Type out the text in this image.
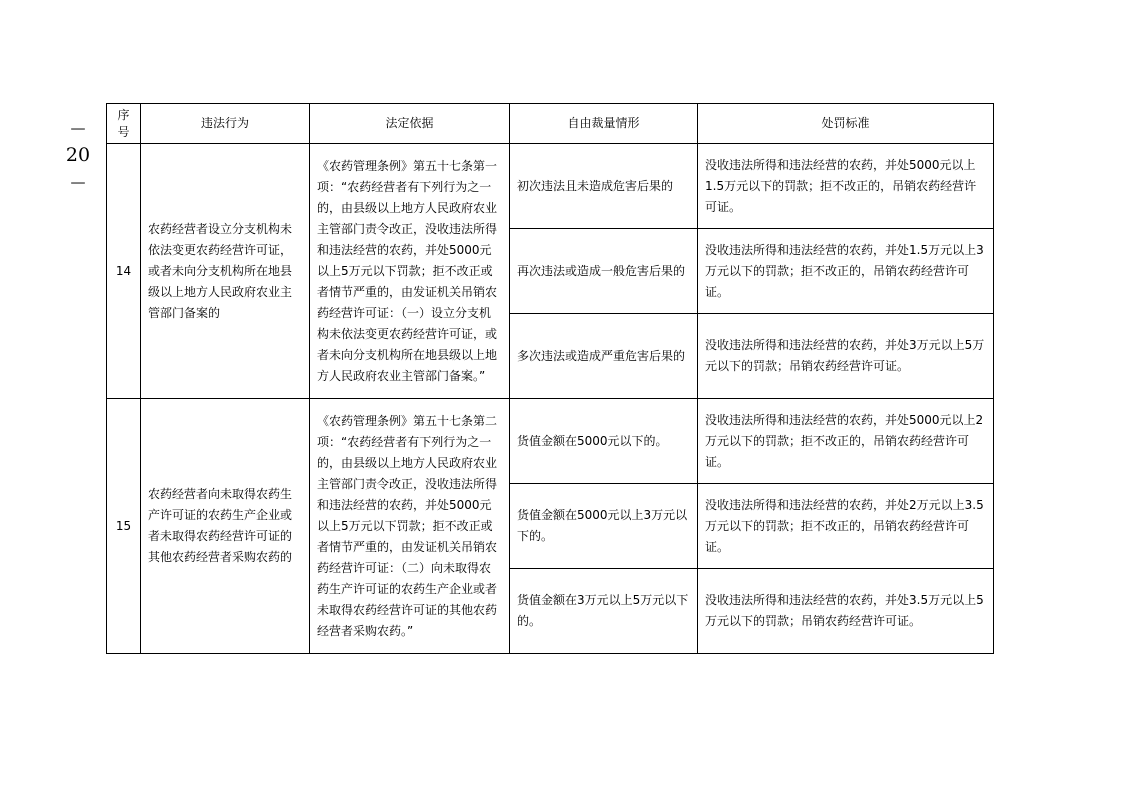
—
20
—
序号	违法行为	法定依据	自由裁量情形	处罚标准
14	农药经营者设立分支机构未依法变更农药经营许可证，或者未向分支机构所在地县级以上地方人民政府农业主管部门备案的	《农药管理条例》第五十七条第一项：“农药经营者有下列行为之一的，由县级以上地方人民政府农业主管部门责令改正，没收违法所得和违法经营的农药，并处5000元以上5万元以下罚款；拒不改正或者情节严重的，由发证机关吊销农药经营许可证：（一）设立分支机构未依法变更农药经营许可证，或者未向分支机构所在地县级以上地方人民政府农业主管部门备案。”	初次违法且未造成危害后果的	没收违法所得和违法经营的农药，并处5000元以上1.5万元以下的罚款；拒不改正的，吊销农药经营许可证。
			再次违法或造成一般危害后果的	没收违法所得和违法经营的农药，并处1.5万元以上3万元以下的罚款；拒不改正的，吊销农药经营许可证。
			多次违法或造成严重危害后果的	没收违法所得和违法经营的农药，并处3万元以上5万元以下的罚款；吊销农药经营许可证。
15	农药经营者向未取得农药生产许可证的农药生产企业或者未取得农药经营许可证的其他农药经营者采购农药的	《农药管理条例》第五十七条第二项：“农药经营者有下列行为之一的，由县级以上地方人民政府农业主管部门责令改正，没收违法所得和违法经营的农药，并处5000元以上5万元以下罚款；拒不改正或者情节严重的，由发证机关吊销农药经营许可证：（二）向未取得农药生产许可证的农药生产企业或者未取得农药经营许可证的其他农药经营者采购农药。”	货值金额在5000元以下的。	没收违法所得和违法经营的农药，并处5000元以上2万元以下的罚款；拒不改正的，吊销农药经营许可证。
			货值金额在5000元以上3万元以下的。	没收违法所得和违法经营的农药，并处2万元以上3.5万元以下的罚款；拒不改正的，吊销农药经营许可证。
			货值金额在3万元以上5万元以下的。	没收违法所得和违法经营的农药，并处3.5万元以上5万元以下的罚款；吊销农药经营许可证。
